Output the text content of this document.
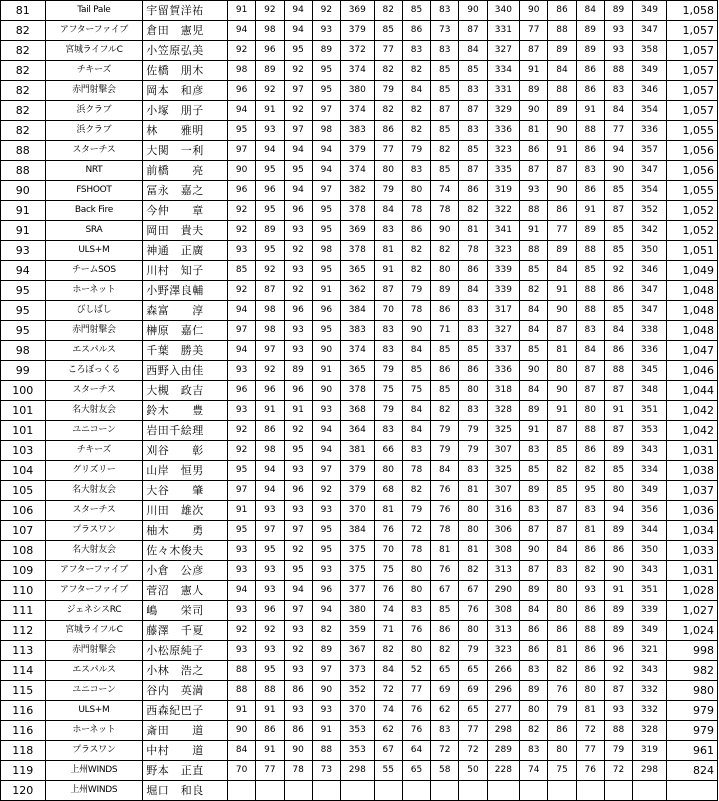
81	Tail Pale	宇留賀洋祐	91	92	94	92	369	82	85	83	90	340	90	86	84	89	349	1,058
82	アフターファイブ	倉田　憲児	94	98	94	93	379	85	86	73	87	331	77	88	89	93	347	1,057
82	宮城ライフルC	小笠原弘美	92	96	95	89	372	77	83	83	84	327	87	89	89	93	358	1,057
82	チキーズ	佐橋　朋木	98	89	92	95	374	82	82	85	85	334	91	84	86	88	349	1,057
82	赤門射撃会	岡本　和彦	96	92	97	95	380	79	84	85	83	331	89	88	86	83	346	1,057
82	浜クラブ	小塚　朋子	94	91	92	97	374	82	82	87	87	329	90	89	91	84	354	1,057
82	浜クラブ	林　　雅明	95	93	97	98	383	86	82	85	83	336	81	90	88	77	336	1,055
88	スターチス	大関　一利	97	94	94	94	379	77	79	82	85	323	86	91	86	94	357	1,056
88	NRT	前橋　　亮	90	95	95	94	374	80	83	85	87	335	87	87	83	90	347	1,056
90	FSHOOT	冨永　嘉之	96	96	94	97	382	79	80	74	86	319	93	90	86	85	354	1,055
91	Back Fire	今仲　　章	92	95	96	95	378	84	78	78	82	322	88	86	91	87	352	1,052
91	SRA	岡田　貴夫	92	89	93	95	369	83	86	90	81	341	91	77	89	85	342	1,052
93	ULS+M	神通　正廣	93	95	92	98	378	81	82	82	78	323	88	89	88	85	350	1,051
94	チームSOS	川村　知子	85	92	93	95	365	91	82	80	86	339	85	84	85	92	346	1,049
95	ホーネット	小野澤良輔	92	87	92	91	362	87	79	89	84	339	82	91	88	86	347	1,048
95	びしばし	森富　　淳	94	98	96	96	384	70	78	86	83	317	84	90	88	85	347	1,048
95	赤門射撃会	榊原　嘉仁	97	98	93	95	383	83	90	71	83	327	84	87	83	84	338	1,048
98	エスパルス	千葉　勝美	94	97	93	90	374	83	84	85	85	337	85	81	84	86	336	1,047
99	ころぼっくる	西野入由佳	93	92	89	91	365	79	85	86	86	336	90	80	87	88	345	1,046
100	スターチス	大槻　政吉	96	96	96	90	378	75	75	85	80	318	84	90	87	87	348	1,044
101	名大射友会	鈴木　　豊	93	91	91	93	368	79	84	82	83	328	89	91	80	91	351	1,042
101	ユニコーン	岩田千絵理	92	86	92	94	364	83	84	79	79	325	91	87	88	87	353	1,042
103	チキーズ	刈谷　　彰	92	98	95	94	381	66	83	79	79	307	83	85	86	89	343	1,031
104	グリズリー	山岸　恒男	95	94	93	97	379	80	78	84	83	325	85	82	82	85	334	1,038
105	名大射友会	大谷　　肇	97	94	96	92	379	68	82	76	81	307	89	85	95	80	349	1,037
106	スターチス	川田　雄次	91	93	93	93	370	81	79	76	80	316	83	87	83	94	356	1,036
107	プラスワン	柚木　　勇	95	97	97	95	384	76	72	78	80	306	87	87	81	89	344	1,034
108	名大射友会	佐々木俊夫	93	95	92	95	375	70	78	81	81	308	90	84	86	86	350	1,033
109	アフターファイブ	小倉　公彦	93	93	95	93	375	75	80	76	82	313	87	83	82	90	343	1,031
110	アフターファイブ	菅沼　憲人	94	93	94	96	377	76	80	67	67	290	89	80	93	91	351	1,028
111	ジェネシスRC	嶋　　栄司	93	96	97	94	380	74	83	85	76	308	84	80	86	89	339	1,027
112	宮城ライフルC	藤澤　千夏	92	92	93	82	359	71	76	86	80	313	86	86	88	89	349	1,024
113	赤門射撃会	小松原純子	93	93	92	89	367	82	80	82	79	323	86	81	86	96	321	998
114	エスパルス	小林　浩之	88	95	93	97	373	84	52	65	65	266	83	82	86	92	343	982
115	ユニコーン	谷内　英満	88	88	86	90	352	72	77	69	69	296	89	76	80	87	332	980
116	ULS+M	西森紀巴子	91	91	93	93	370	74	76	62	65	277	80	79	81	93	332	979
116	ホーネット	斎田　　道	90	86	86	91	353	62	76	83	77	298	82	86	72	88	328	979
118	プラスワン	中村　　道	84	91	90	88	353	67	64	72	72	289	83	80	77	79	319	961
119	上州WINDS	野本　正直	70	77	78	73	298	55	65	58	50	228	74	75	76	72	298	824
120	上州WINDS	堀口　和良																
